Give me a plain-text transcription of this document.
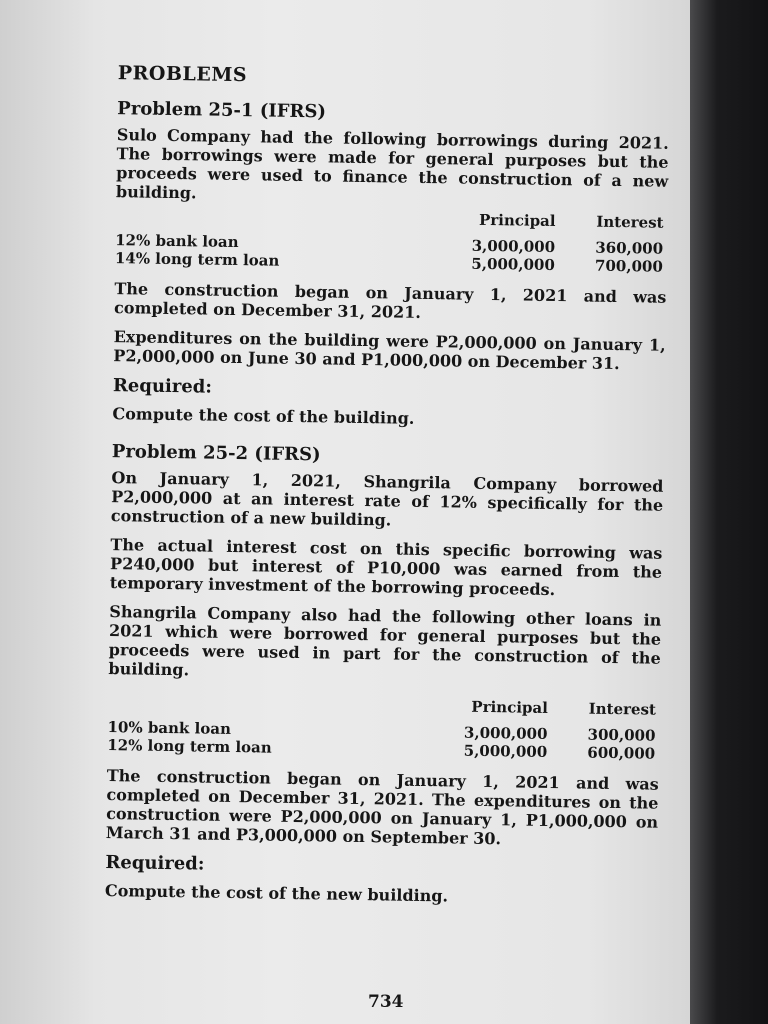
PROBLEMS
Problem 25-1 (IFRS)

Sulo Company had the following borrowings during 2021. The borrowings were made for general purposes but the proceeds were used to finance the construction of a new building.

	Principal	Interest

12% bank loan	3,000,000	360,000
14% long term loan	5,000,000	700,000

The construction began on January 1, 2021 and was completed on December 31, 2021.

Expenditures on the building were P2,000,000 on January 1, P2,000,000 on June 30 and P1,000,000 on December 31.

Required:
Compute the cost of the building.
Problem 25-2 (IFRS)

On January 1, 2021, Shangrila Company borrowed P2,000,000 at an interest rate of 12% specifically for the construction of a new building.

The actual interest cost on this specific borrowing was P240,000 but interest of P10,000 was earned from the temporary investment of the borrowing proceeds.

Shangrila Company also had the following other loans in 2021 which were borrowed for general purposes but the proceeds were used in part for the construction of the building.

	Principal	Interest

10% bank loan	3,000,000	300,000
12% long term loan	5,000,000	600,000

The construction began on January 1, 2021 and was completed on December 31, 2021. The expenditures on the construction were P2,000,000 on January 1, P1,000,000 on March 31 and P3,000,000 on September 30.

Required:
Compute the cost of the new building.
734
